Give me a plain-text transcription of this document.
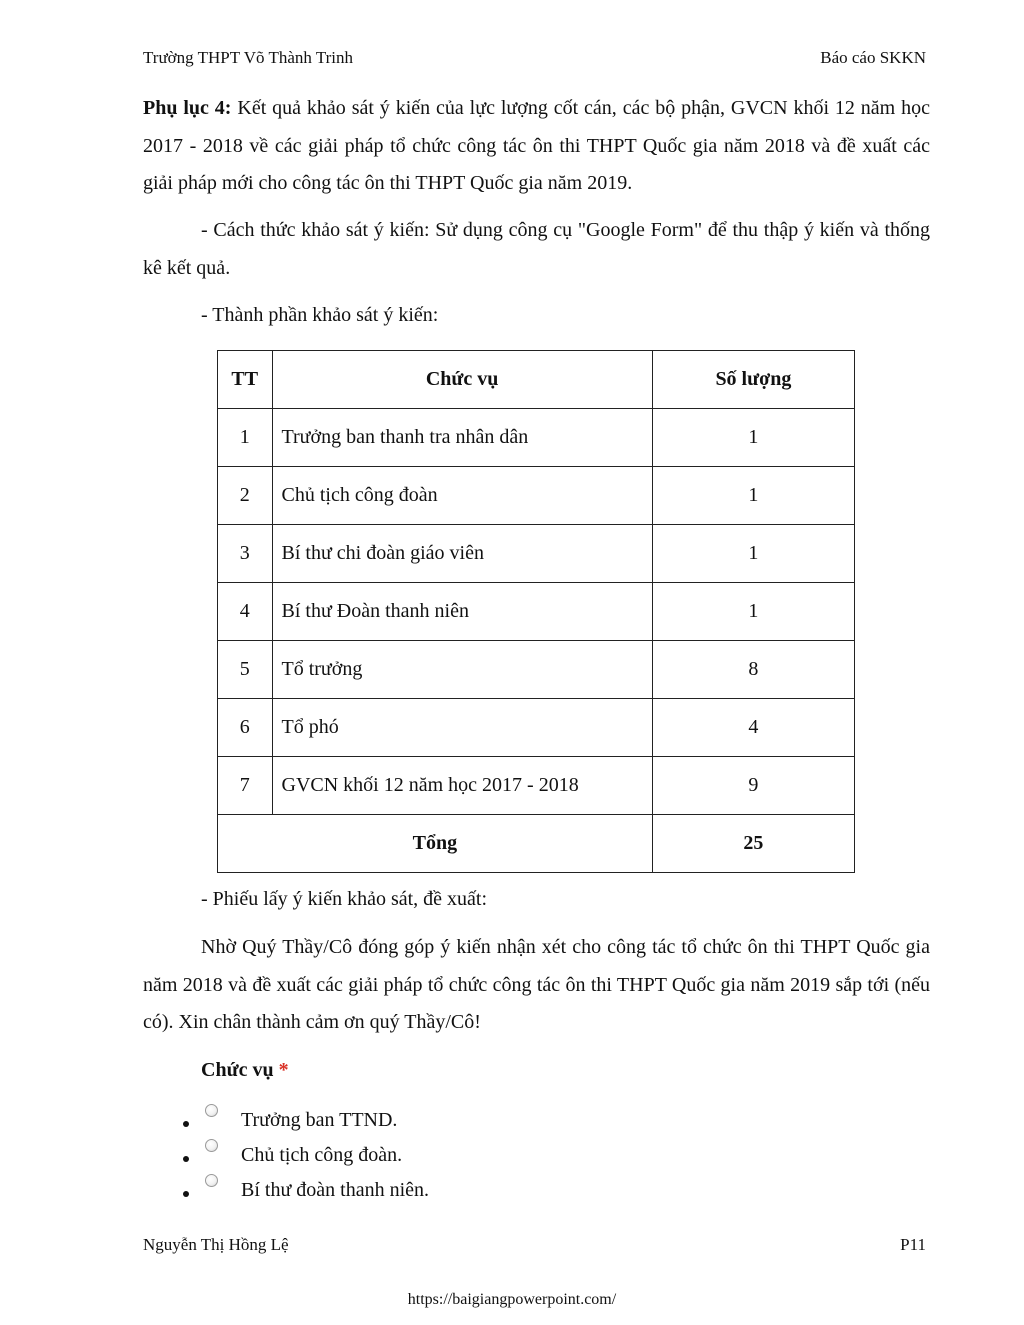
Trường THPT Võ Thành Trinh	Báo cáo SKKN
Phụ lục 4: Kết quả khảo sát ý kiến của lực lượng cốt cán, các bộ phận, GVCN khối 12 năm học 2017 - 2018 về các giải pháp tổ chức công tác ôn thi THPT Quốc gia năm 2018 và đề xuất các giải pháp mới cho công tác ôn thi THPT Quốc gia năm 2019.
- Cách thức khảo sát ý kiến: Sử dụng công cụ "Google Form" để thu thập ý kiến và thống kê kết quả.
- Thành phần khảo sát ý kiến:
TT	Chức vụ	Số lượng
1	Trưởng ban thanh tra nhân dân	1
2	Chủ tịch công đoàn	1
3	Bí thư chi đoàn giáo viên	1
4	Bí thư Đoàn thanh niên	1
5	Tổ trưởng	8
6	Tổ phó	4
7	GVCN khối 12 năm học 2017 - 2018	9
Tổng		25
- Phiếu lấy ý kiến khảo sát, đề xuất:
Nhờ Quý Thầy/Cô đóng góp ý kiến nhận xét cho công tác tổ chức ôn thi THPT Quốc gia năm 2018 và đề xuất các giải pháp tổ chức công tác ôn thi THPT Quốc gia năm 2019 sắp tới (nếu có). Xin chân thành cảm ơn quý Thầy/Cô!
Chức vụ *
Trưởng ban TTND.
Chủ tịch công đoàn.
Bí thư đoàn thanh niên.
Nguyễn Thị Hồng Lệ	P11
https://baigiangpowerpoint.com/
